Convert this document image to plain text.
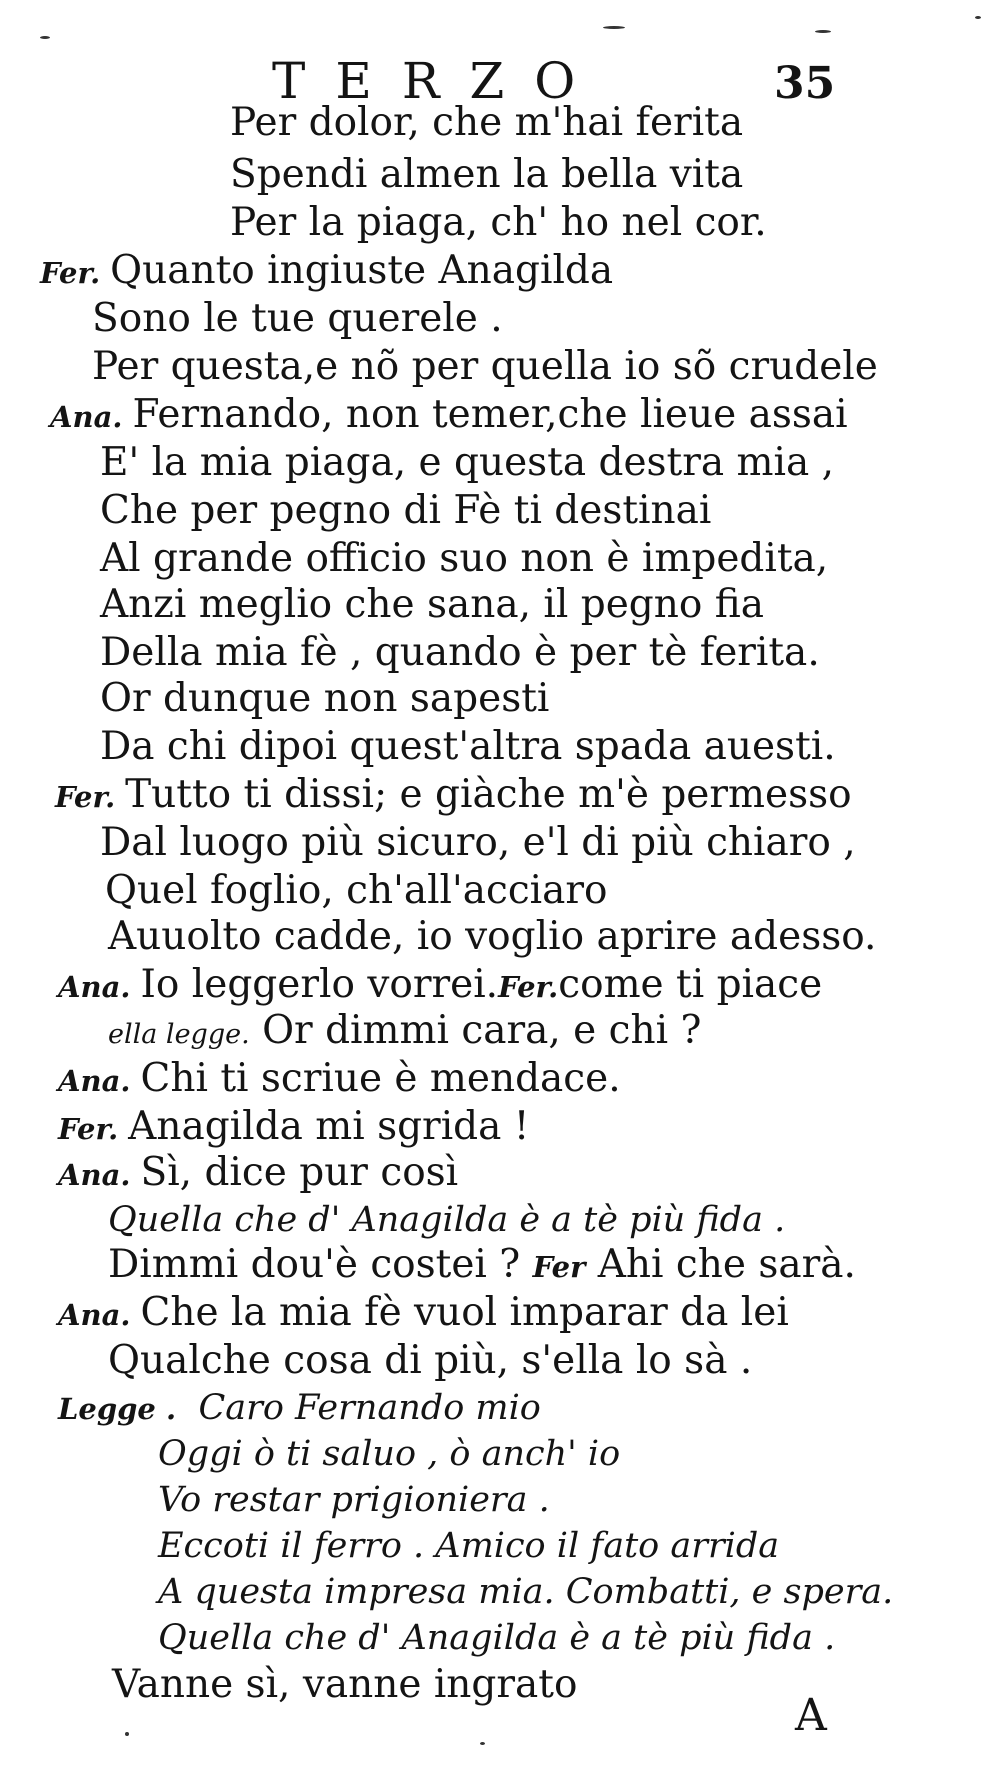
TERZO	35
Per dolor, che m'hai ferita
Spendi almen la bella vita
Per la piaga, ch' ho nel cor.
Fer. Quanto ingiuste Anagilda
Sono le tue querele .
Per questa,e nõ per quella io sõ crudele
Ana. Fernando, non temer,che lieue assai
E' la mia piaga, e questa destra mia ,
Che per pegno di Fè ti destinai
Al grande officio suo non è impedita,
Anzi meglio che sana, il pegno fia
Della mia fè , quando è per tè ferita.
Or dunque non sapesti
Da chi dipoi quest'altra spada auesti.
Fer. Tutto ti dissi; e giàche m'è permesso
Dal luogo più sicuro, e'l di più chiaro ,
Quel foglio, ch'all'acciaro
Auuolto cadde, io voglio aprire adesso.
Ana. Io leggerlo vorrei.Fer.come ti piace
ella legge. Or dimmi cara, e chi ?
Ana. Chi ti scriue è mendace.
Fer. Anagilda mi sgrida !
Ana. Sì, dice pur così
Quella che d' Anagilda è a tè più fida .
Dimmi dou'è costei ? Fer Ahi che sarà.
Ana. Che la mia fè vuol imparar da lei
Qualche cosa di più, s'ella lo sà .
Legge . Caro Fernando mio
Oggi ò ti saluo , ò anch' io
Vo restar prigioniera .
Eccoti il ferro . Amico il fato arrida
A questa impresa mia. Combatti, e spera.
Quella che d' Anagilda è a tè più fida .
Vanne sì, vanne ingrato
A
